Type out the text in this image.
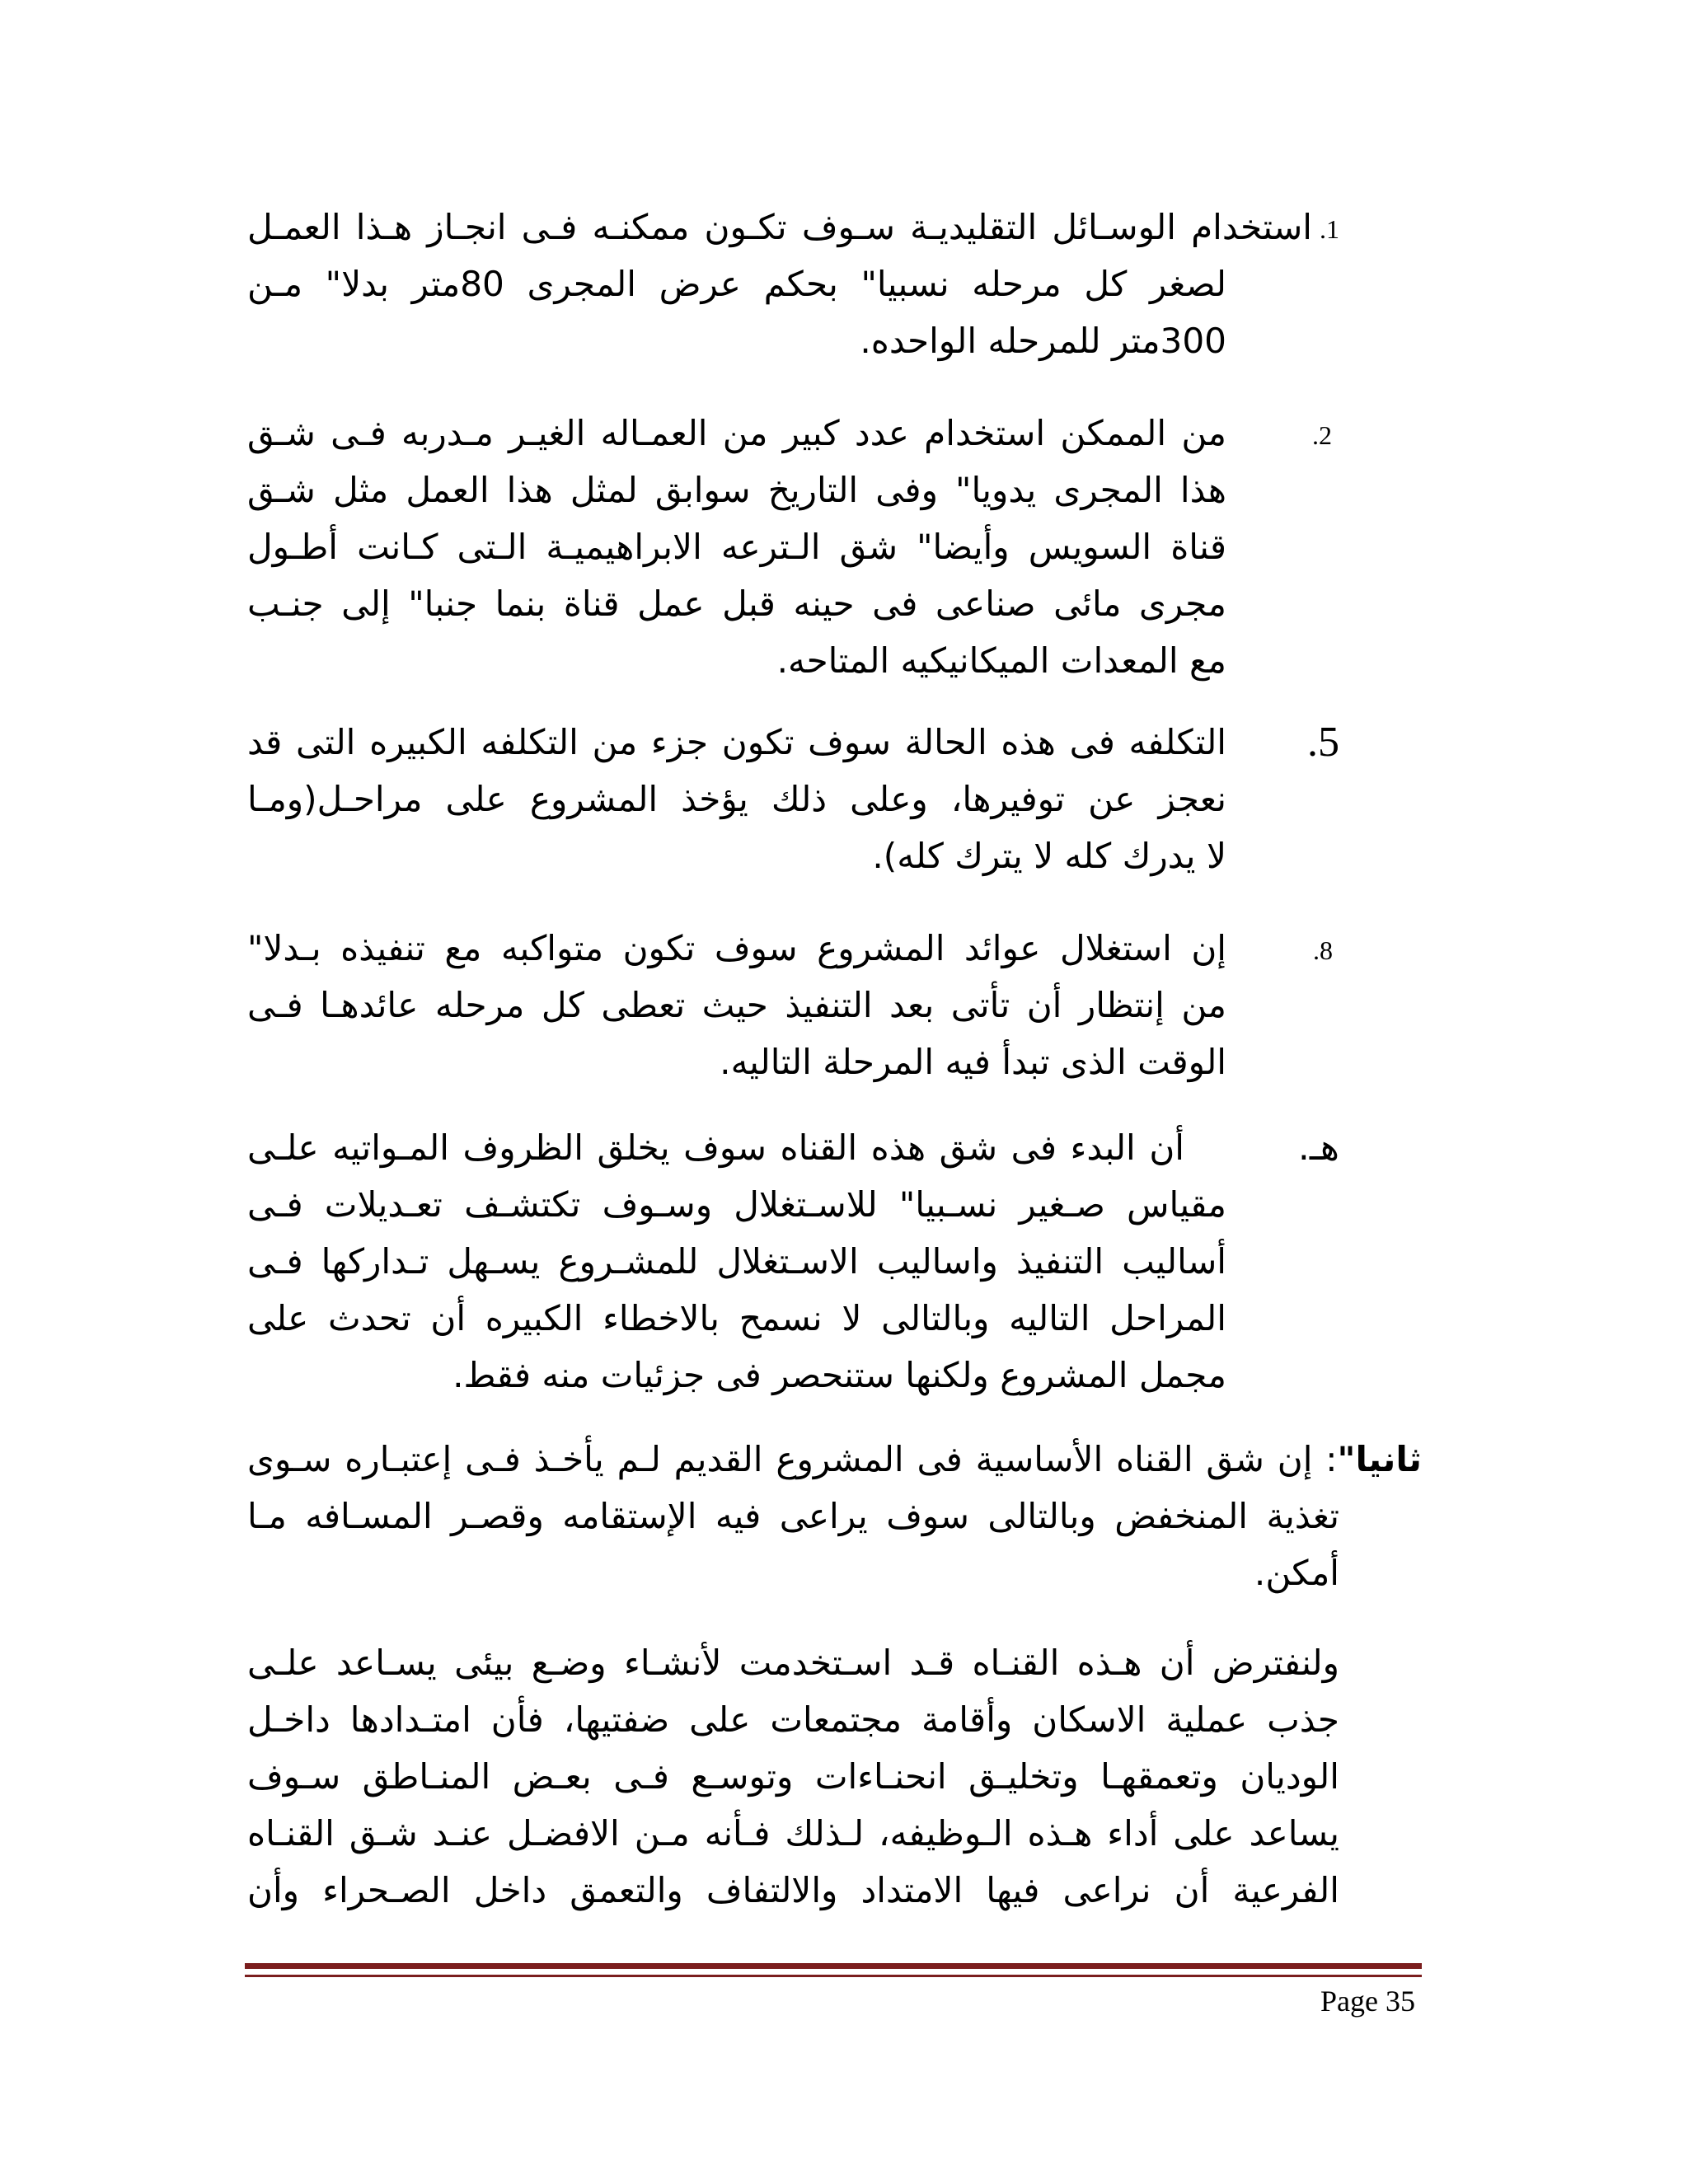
1.
استخدام الوسـائل التقليديـة سـوف تكـون ممكنـه فـى انجـاز هـذا العمـل
لصغر كل مرحله نسبيا" بحكم عرض المجرى 80متر بدلا" مـن
300متر للمرحله الواحده.
2.
من الممكن استخدام عدد كبير من العمـاله الغيـر مـدربه فـى شـق
هذا المجرى يدويا" وفى التاريخ سوابق لمثل هذا العمل مثل شـق
قناة السويس وأيضا" شق الـترعه الابراهيميـة الـتى كـانت أطـول
مجرى مائى صناعى فى حينه قبل عمل قناة بنما جنبا" إلى جنـب
مع المعدات الميكانيكيه المتاحه.
5.
التكلفه فى هذه الحالة سوف تكون جزء من التكلفه الكبيره التى قد
نعجز عن توفيرها، وعلى ذلك يؤخذ المشروع على مراحـل(ومـا
لا يدرك كله لا يترك كله).
8.
إن استغلال عوائد المشروع سوف تكون متواكبه مع تنفيذه بـدلا"
من إنتظار أن تأتى بعد التنفيذ حيث تعطى كل مرحله عائدهـا فـى
الوقت الذى تبدأ فيه المرحلة التاليه.
هـ.
أن البدء فى شق هذه القناه سوف يخلق الظروف المـواتيه علـى
مقياس صـغير نسـبيا" للاسـتغلال وسـوف تكتشـف تعـديلات فـى
أساليب التنفيذ واساليب الاسـتغلال للمشـروع يسـهل تـداركها فـى
المراحل التاليه وبالتالى لا نسمح بالاخطاء الكبيره أن تحدث على
مجمل المشروع ولكنها ستنحصر فى جزئيات منه فقط.
ثانيا": إن شق القناه الأساسية فى المشروع القديم لـم يأخـذ فـى إعتبـاره سـوى
تغذية المنخفض وبالتالى سوف يراعى فيه الإستقامه وقصـر المسـافه مـا
أمكن.
ولنفترض أن هـذه القنـاه قـد اسـتخدمت لأنشـاء وضـع بيئى يسـاعد علـى
جذب عملية الاسكان وأقامة مجتمعات على ضفتيها، فأن امتـدادها داخـل
الوديان وتعمقهـا وتخليـق انحنـاءات وتوسـع فـى بعـض المنـاطق سـوف
يساعد على أداء هـذه الـوظيفه، لـذلك فـأنه مـن الافضـل عنـد شـق القنـاه
الفرعية أن نراعى فيها الامتداد والالتفاف والتعمق داخل الصـحراء وأن
Page 35
